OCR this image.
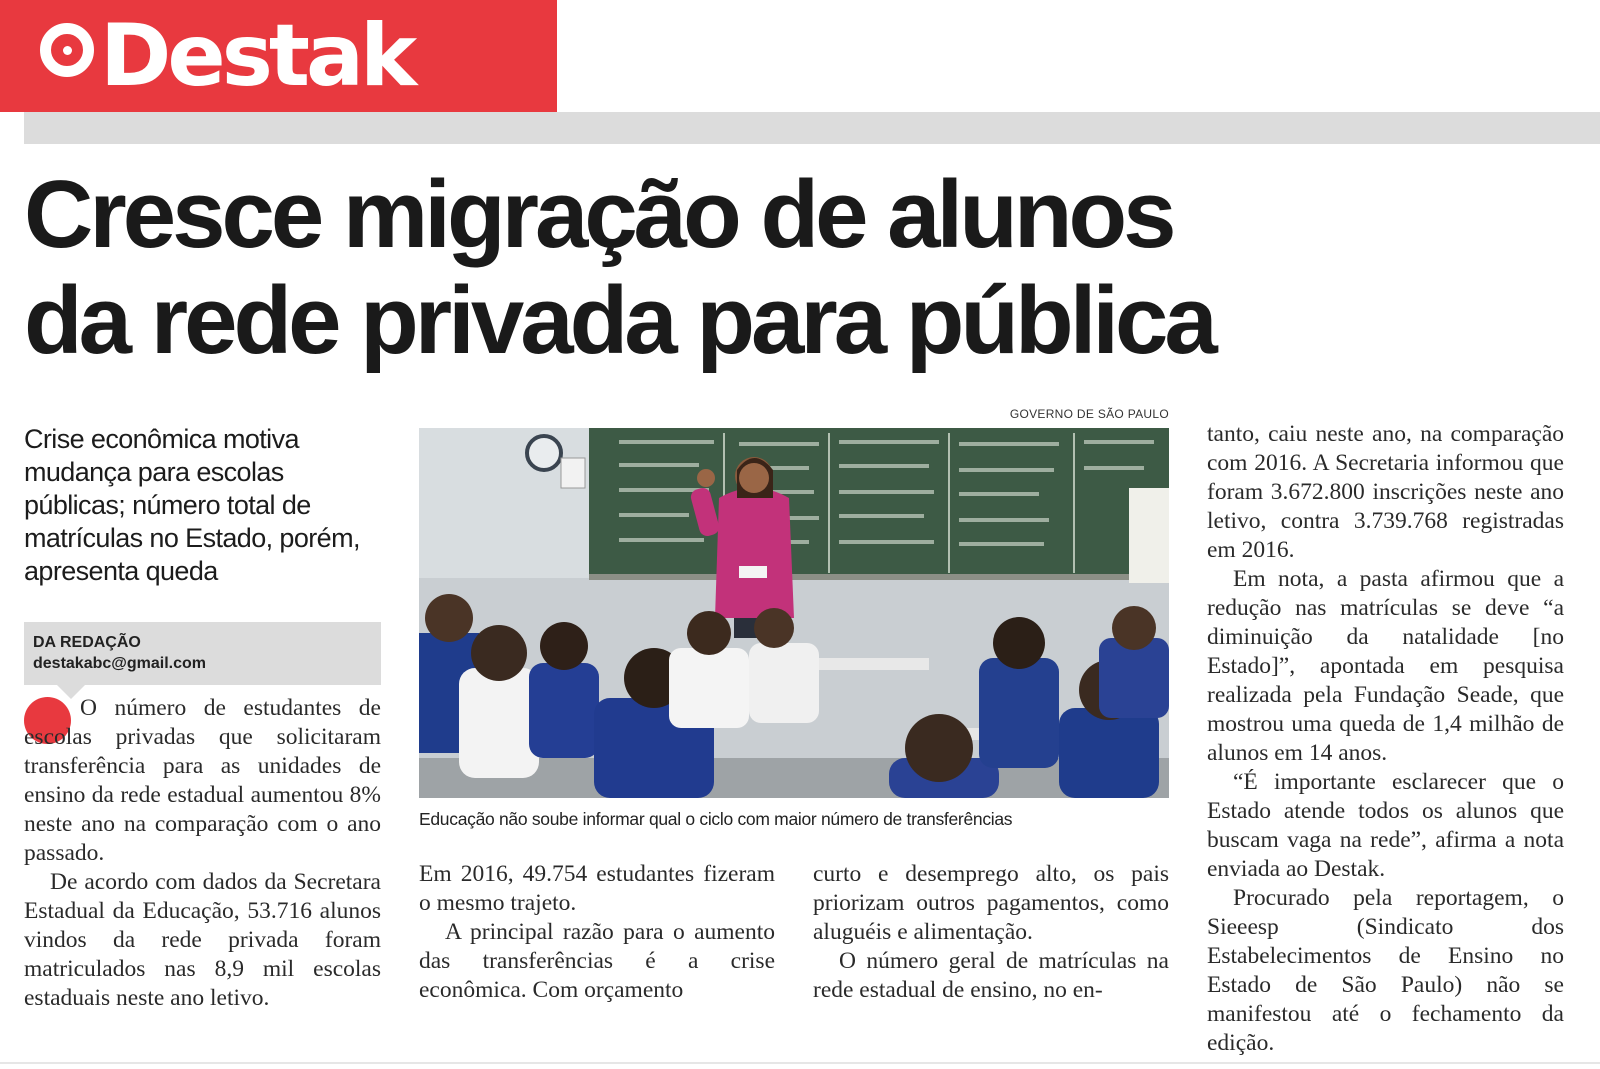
Destak
Cresce migração de alunos
da rede privada para pública

Crise econômica motiva mudança para escolas públicas; número total de matrículas no Estado, porém, apresenta queda

DA REDAÇÃO
destakabc@gmail.com

O número de estudantes de escolas privadas que solicitaram transferência para as unidades de ensino da rede estadual aumentou 8% neste ano na comparação com o ano passado.

De acordo com dados da Secretara Estadual da Educação, 53.716 alunos vindos da rede privada foram matriculados nas 8,9 mil escolas estaduais neste ano letivo.

GOVERNO DE SÃO PAULO
Educação não soube informar qual o ciclo com maior número de transferências

Em 2016, 49.754 estudantes fizeram o mesmo trajeto.

A principal razão para o aumento das transferências é a crise econômica. Com orçamento

curto e desemprego alto, os pais priorizam outros pagamentos, como aluguéis e alimentação.

O número geral de matrículas na rede estadual de ensino, no en-

tanto, caiu neste ano, na comparação com 2016. A Secretaria informou que foram 3.672.800 inscrições neste ano letivo, contra 3.739.768 registradas em 2016.

Em nota, a pasta afirmou que a redução nas matrículas se deve “a diminuição da natalidade [no Estado]”, apontada em pesquisa realizada pela Fundação Seade, que mostrou uma queda de 1,4 milhão de alunos em 14 anos.

“É importante esclarecer que o Estado atende todos os alunos que buscam vaga na rede”, afirma a nota enviada ao Destak.

Procurado pela reportagem, o Sieeesp (Sindicato dos Estabelecimentos de Ensino no Estado de São Paulo) não se manifestou até o fechamento da edição.
